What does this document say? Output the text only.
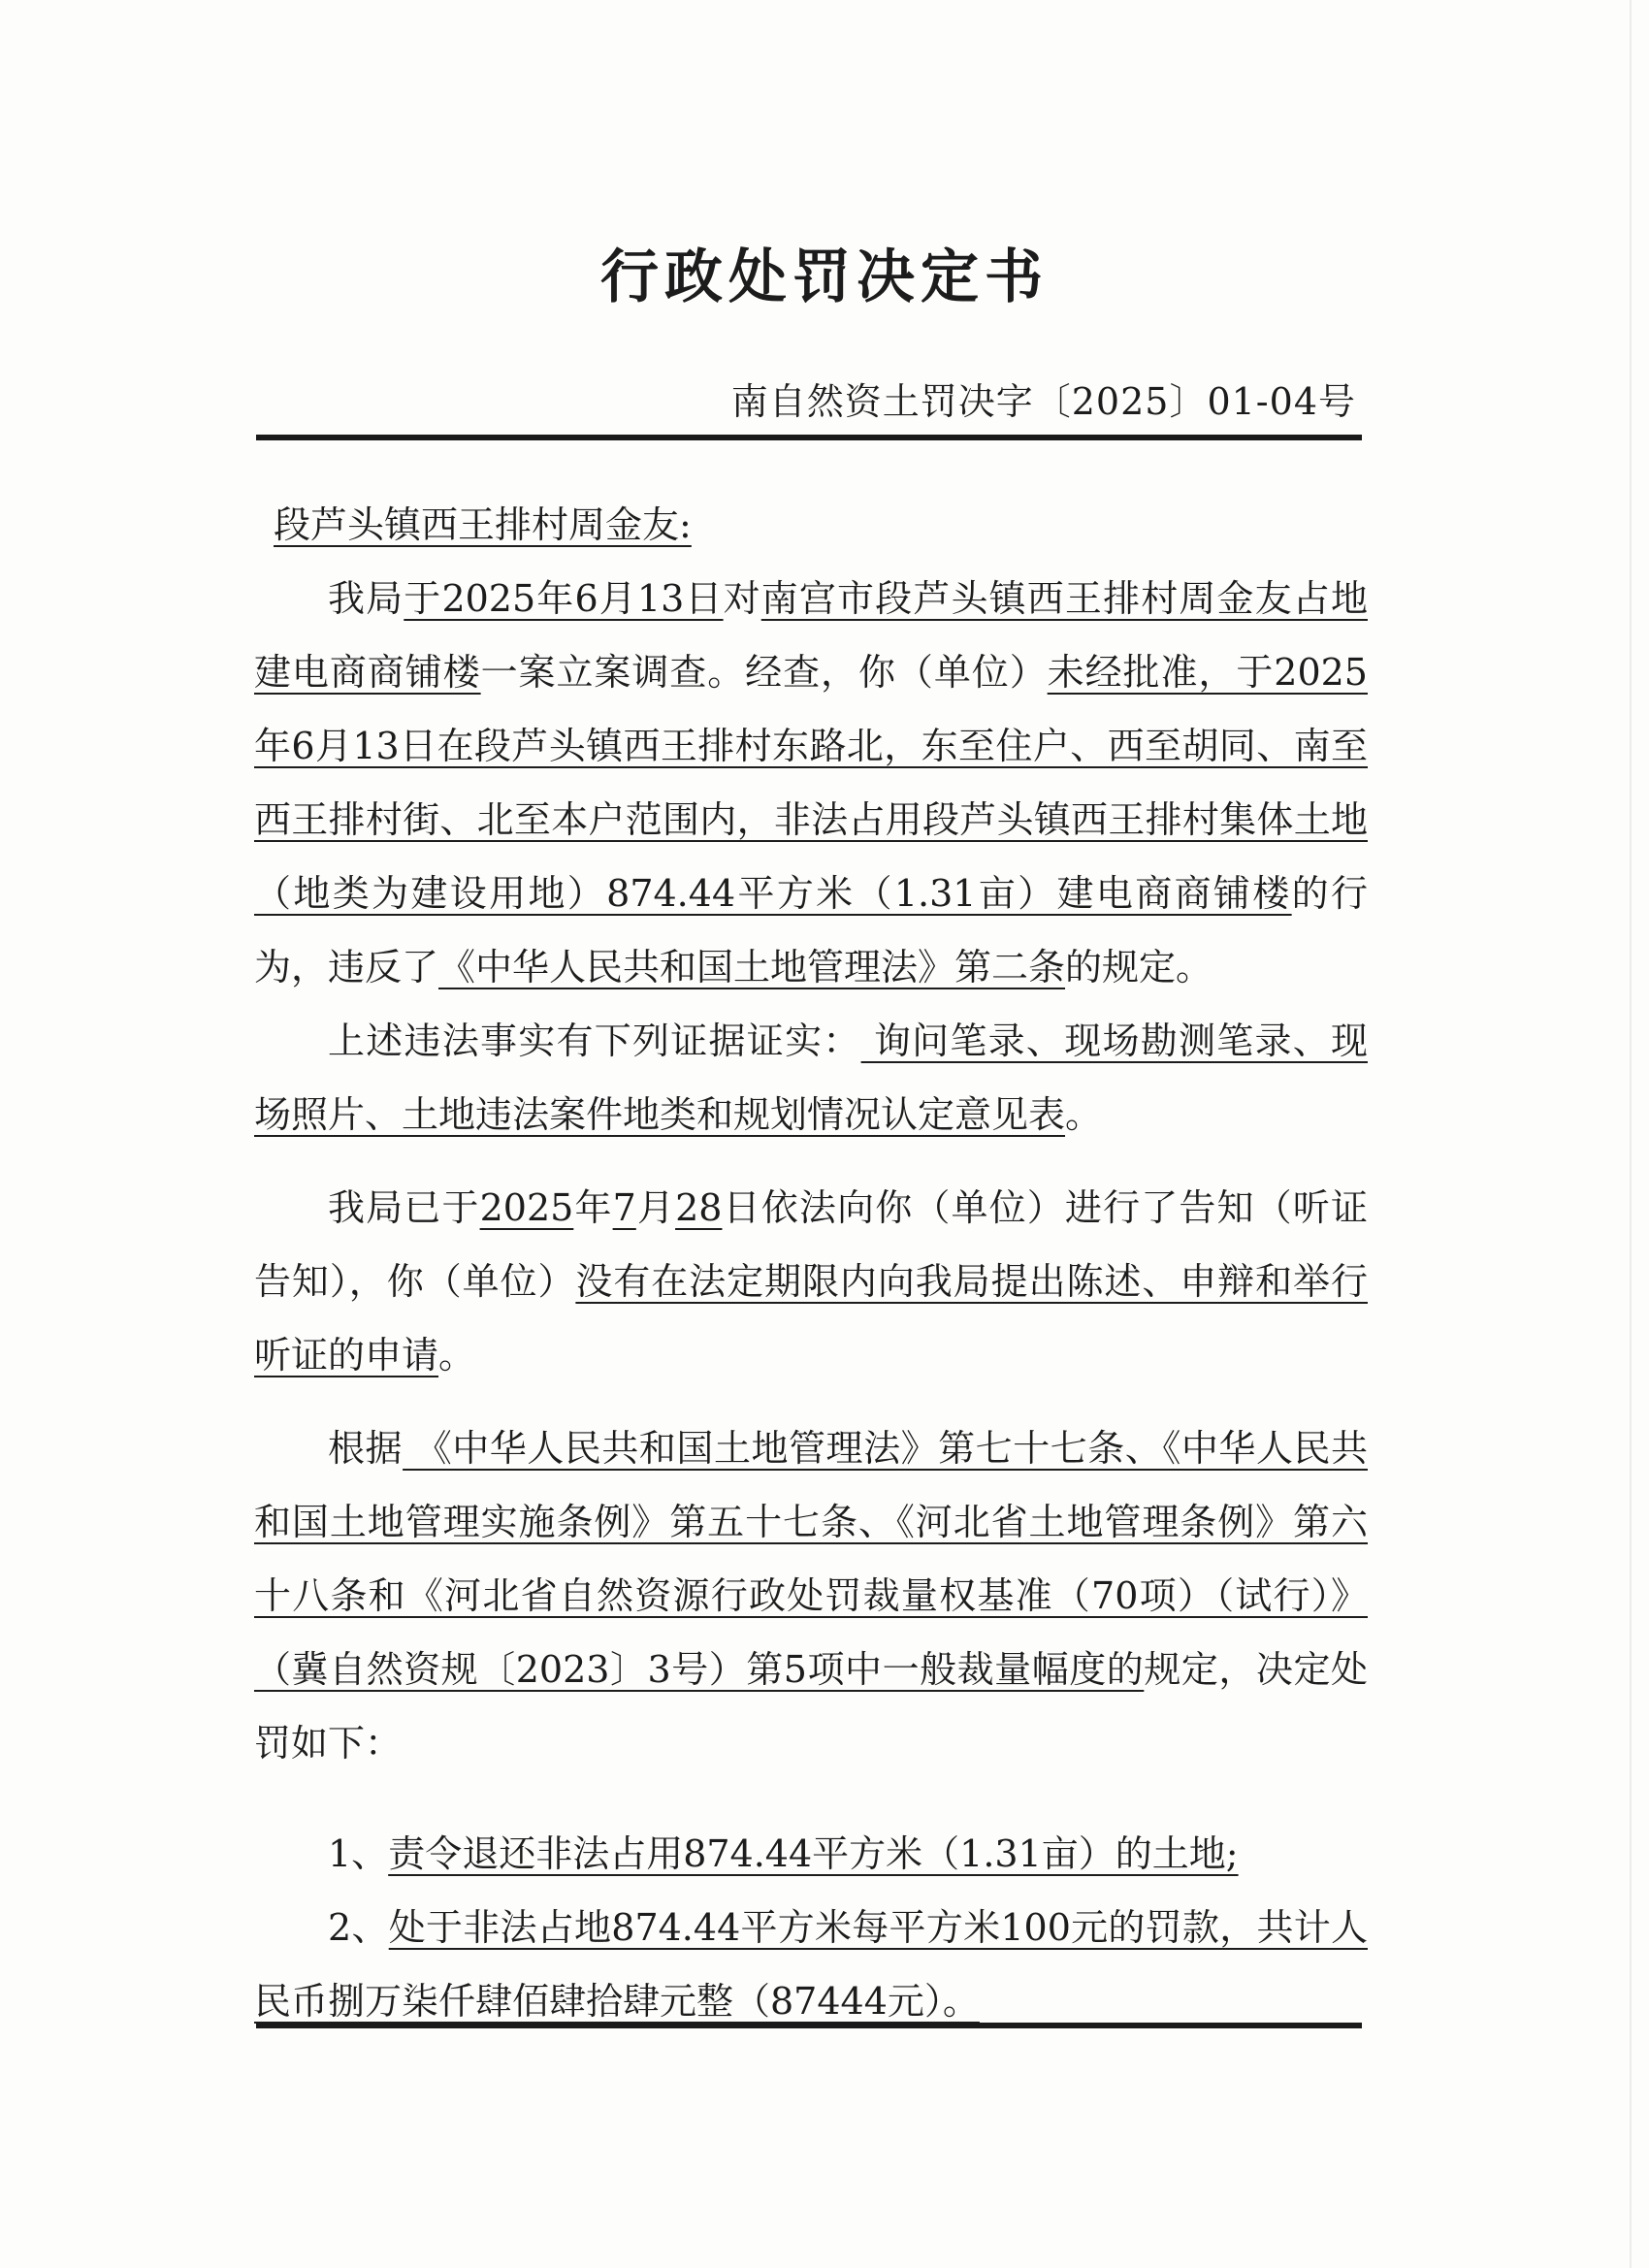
行政处罚决定书
南自然资土罚决字〔2025〕01-04号

段芦头镇西王排村周金友:

我局于2025年6月13日对南宫市段芦头镇西王排村周金友占地建电商商铺楼一案立案调查。经查，你（单位）未经批准，于2025年6月13日在段芦头镇西王排村东路北，东至住户、西至胡同、南至西王排村街、北至本户范围内，非法占用段芦头镇西王排村集体土地（地类为建设用地）874.44平方米（1.31亩）建电商商铺楼的行为，违反了《中华人民共和国土地管理法》第二条的规定。

上述违法事实有下列证据证实： 询问笔录、现场勘测笔录、现场照片、土地违法案件地类和规划情况认定意见表。

我局已于2025年7月28日依法向你（单位）进行了告知（听证告知），你（单位）没有在法定期限内向我局提出陈述、申辩和举行听证的申请。

根据 《中华人民共和国土地管理法》第七十七条、《中华人民共和国土地管理实施条例》第五十七条、《河北省土地管理条例》第六十八条和《河北省自然资源行政处罚裁量权基准（70项）（试行）》（冀自然资规〔2023〕3号）第5项中一般裁量幅度的规定，决定处罚如下：

1、责令退还非法占用874.44平方米（1.31亩）的土地;

2、处于非法占地874.44平方米每平方米100元的罚款，共计人民币捌万柒仟肆佰肆拾肆元整（87444元）。
